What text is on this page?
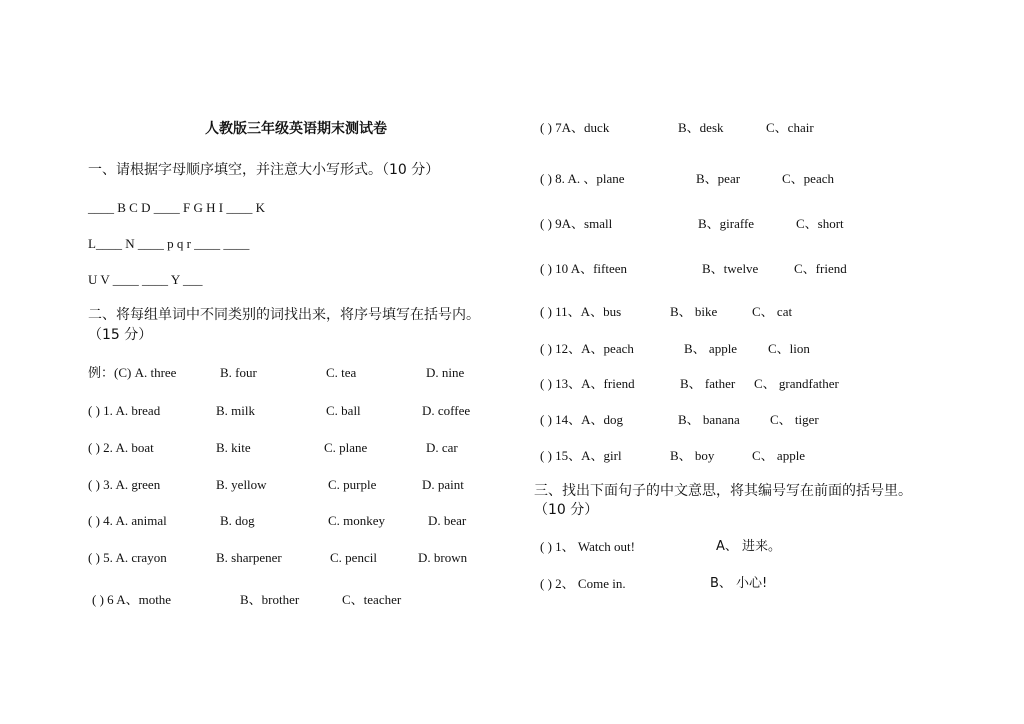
人教版三年级英语期末测试卷
一、请根据字母顺序填空，并注意大小写形式。（10 分）
____ B C D ____ F G H I ____ K
L____ N ____ p q r ____ ____
U V ____ ____ Y ___
二、将每组单词中不同类别的词找出来，将序号填写在括号内。
（15 分）
例：(C) A. three	B. four	C. tea	D. nine
( ) 1. A. bread	B. milk	C. ball	D. coffee
( ) 2. A. boat	B. kite	C. plane	D. car
( ) 3. A. green	B. yellow	C. purple	D. paint
( ) 4. A. animal	B. dog	C. monkey	D. bear
( ) 5. A. crayon	B. sharpener	C. pencil	D. brown
( ) 6 A、mothe	B、brother	C、teacher
( ) 7A、duck	B、desk	C、chair
( ) 8. A. 、plane	B、pear	C、peach
( ) 9A、small	B、giraffe	C、short
( ) 10 A、fifteen	B、twelve	C、friend
( ) 11、A、bus	B、 bike	C、 cat
( ) 12、A、peach	B、 apple C、lion
( ) 13、A、friend	B、 father C、 grandfather
( ) 14、A、dog	B、 banana C、 tiger
( ) 15、A、girl	B、 boy	C、 apple
三、找出下面句子的中文意思，将其编号写在前面的括号里。
（10 分）
( ) 1、 Watch out!	A、 进来。
( ) 2、 Come in.	B、 小心!
